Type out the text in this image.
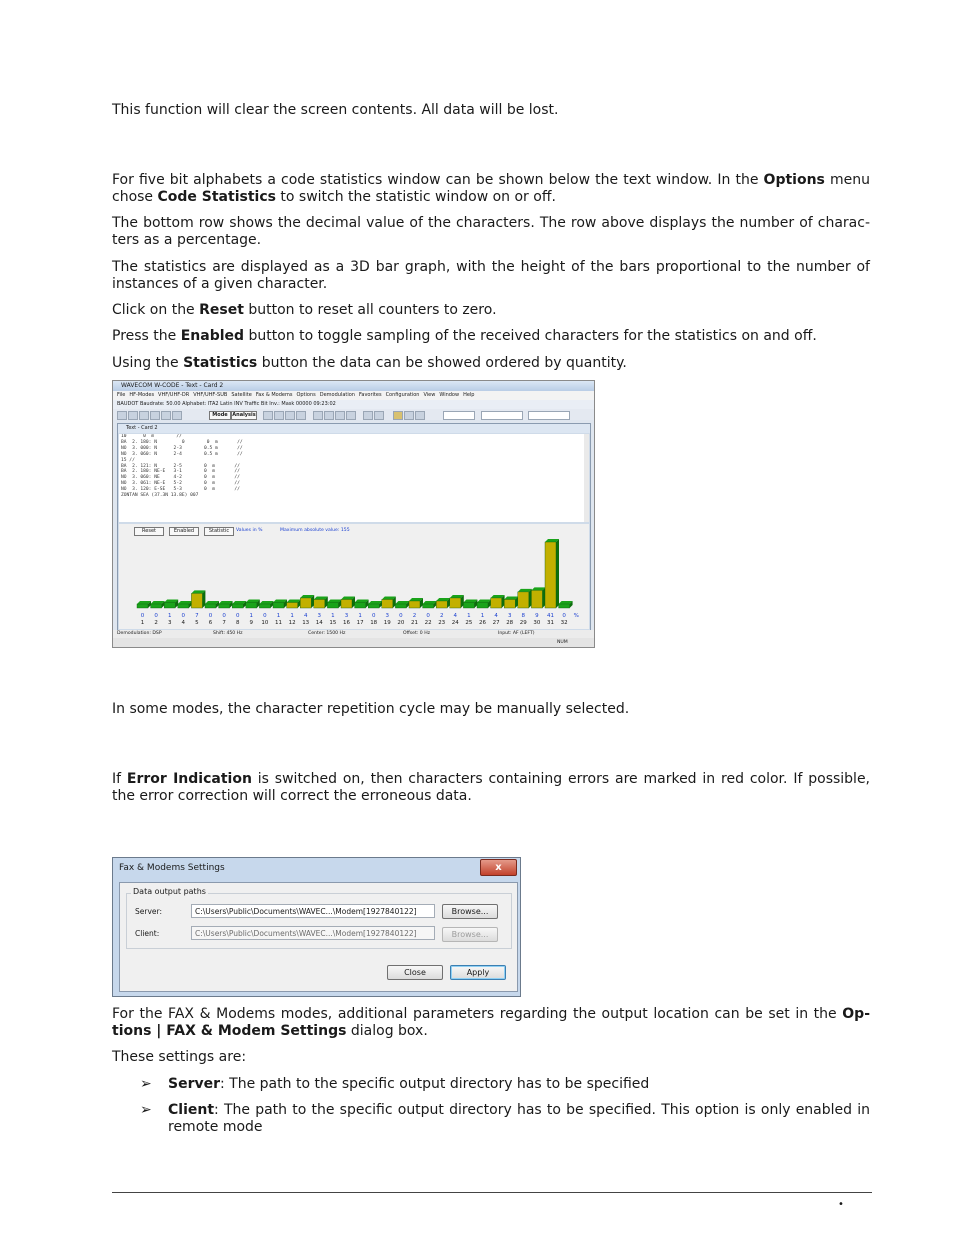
This function will clear the screen contents. All data will be lost.

For five bit alphabets a code statistics window can be shown below the text window. In the Options menu chose Code Statistics to switch the statistic window on or off.

The bottom row shows the decimal value of the characters. The row above displays the number of charac-ters as a percentage.

The statistics are displayed as a 3D bar graph, with the height of the bars proportional to the number of instances of a given character.

Click on the Reset button to reset all counters to zero.

Press the Enabled button to toggle sampling of the received characters for the statistics on and off.

Using the Statistics button the data can be showed ordered by quantity.

WAVECOM W-CODE - Text - Card 2
File HF-Modes VHF/UHF-DR VHF/UHF-SUB Satellite Fax & Modems Options Demodulation Favorites Configuration View Window Help
BAUDOT Baudrate: 50.00 Alphabet: ITA2 Latin INV Traffic Bit Inv.: Mask 00000 09:23:02
Mode Analysis
Text - Card 2
10      0  m        //
BA  2. 180: N         0        0  m       //
NO  3. 000: N      2-3        0.5 m       //
NO  3. 060: N      2-4        0.5 m       //
15 //
BA  2. 121: N      2-5        0  m       //
BA  2. 180: NE-E   3-1        0  m       //
NO  3. 060: NE     4-2        0  m       //
NO  3. 061: NE-E   5-2        0  m       //
NO  3. 120: E-SE   5-3        0  m       //
ZONTAN SEA (37.3N 13.8E) 007
Reset	Enabled	Statistic	Values in %	Maximum absolute value: 155
0
1
0
2
1
3
0
4
7
5
0
6
0
7
0
8
1
9
0
10
1
11
1
12
4
13
3
14
1
15
3
16
1
17
0
18
3
19
0
20
2
21
0
22
2
23
4
24
1
25
1
26
4
27
3
28
8
29
9
30
41
31
0
32
%
Demodulation: DSP	Shift: 450 Hz	Center: 1500 Hz	Offset: 0 Hz	Input: AF (LEFT)
NUM

In some modes, the character repetition cycle may be manually selected.

If Error Indication is switched on, then characters containing errors are marked in red color. If possible, the error correction will correct the erroneous data.

Fax & Modems Settings	x
Data output paths
Server:	C:\Users\Public\Documents\WAVEC...\Modem[1927840122]	Browse...
Client:	C:\Users\Public\Documents\WAVEC...\Modem[1927840122]	Browse...
Close	Apply

For the FAX & Modems modes, additional parameters regarding the output location can be set in the Op-tions | FAX & Modem Settings dialog box.

These settings are:

➢	Server: The path to the specific output directory has to be specified
➢	Client: The path to the specific output directory has to be specified. This option is only enabled in remote mode
•
